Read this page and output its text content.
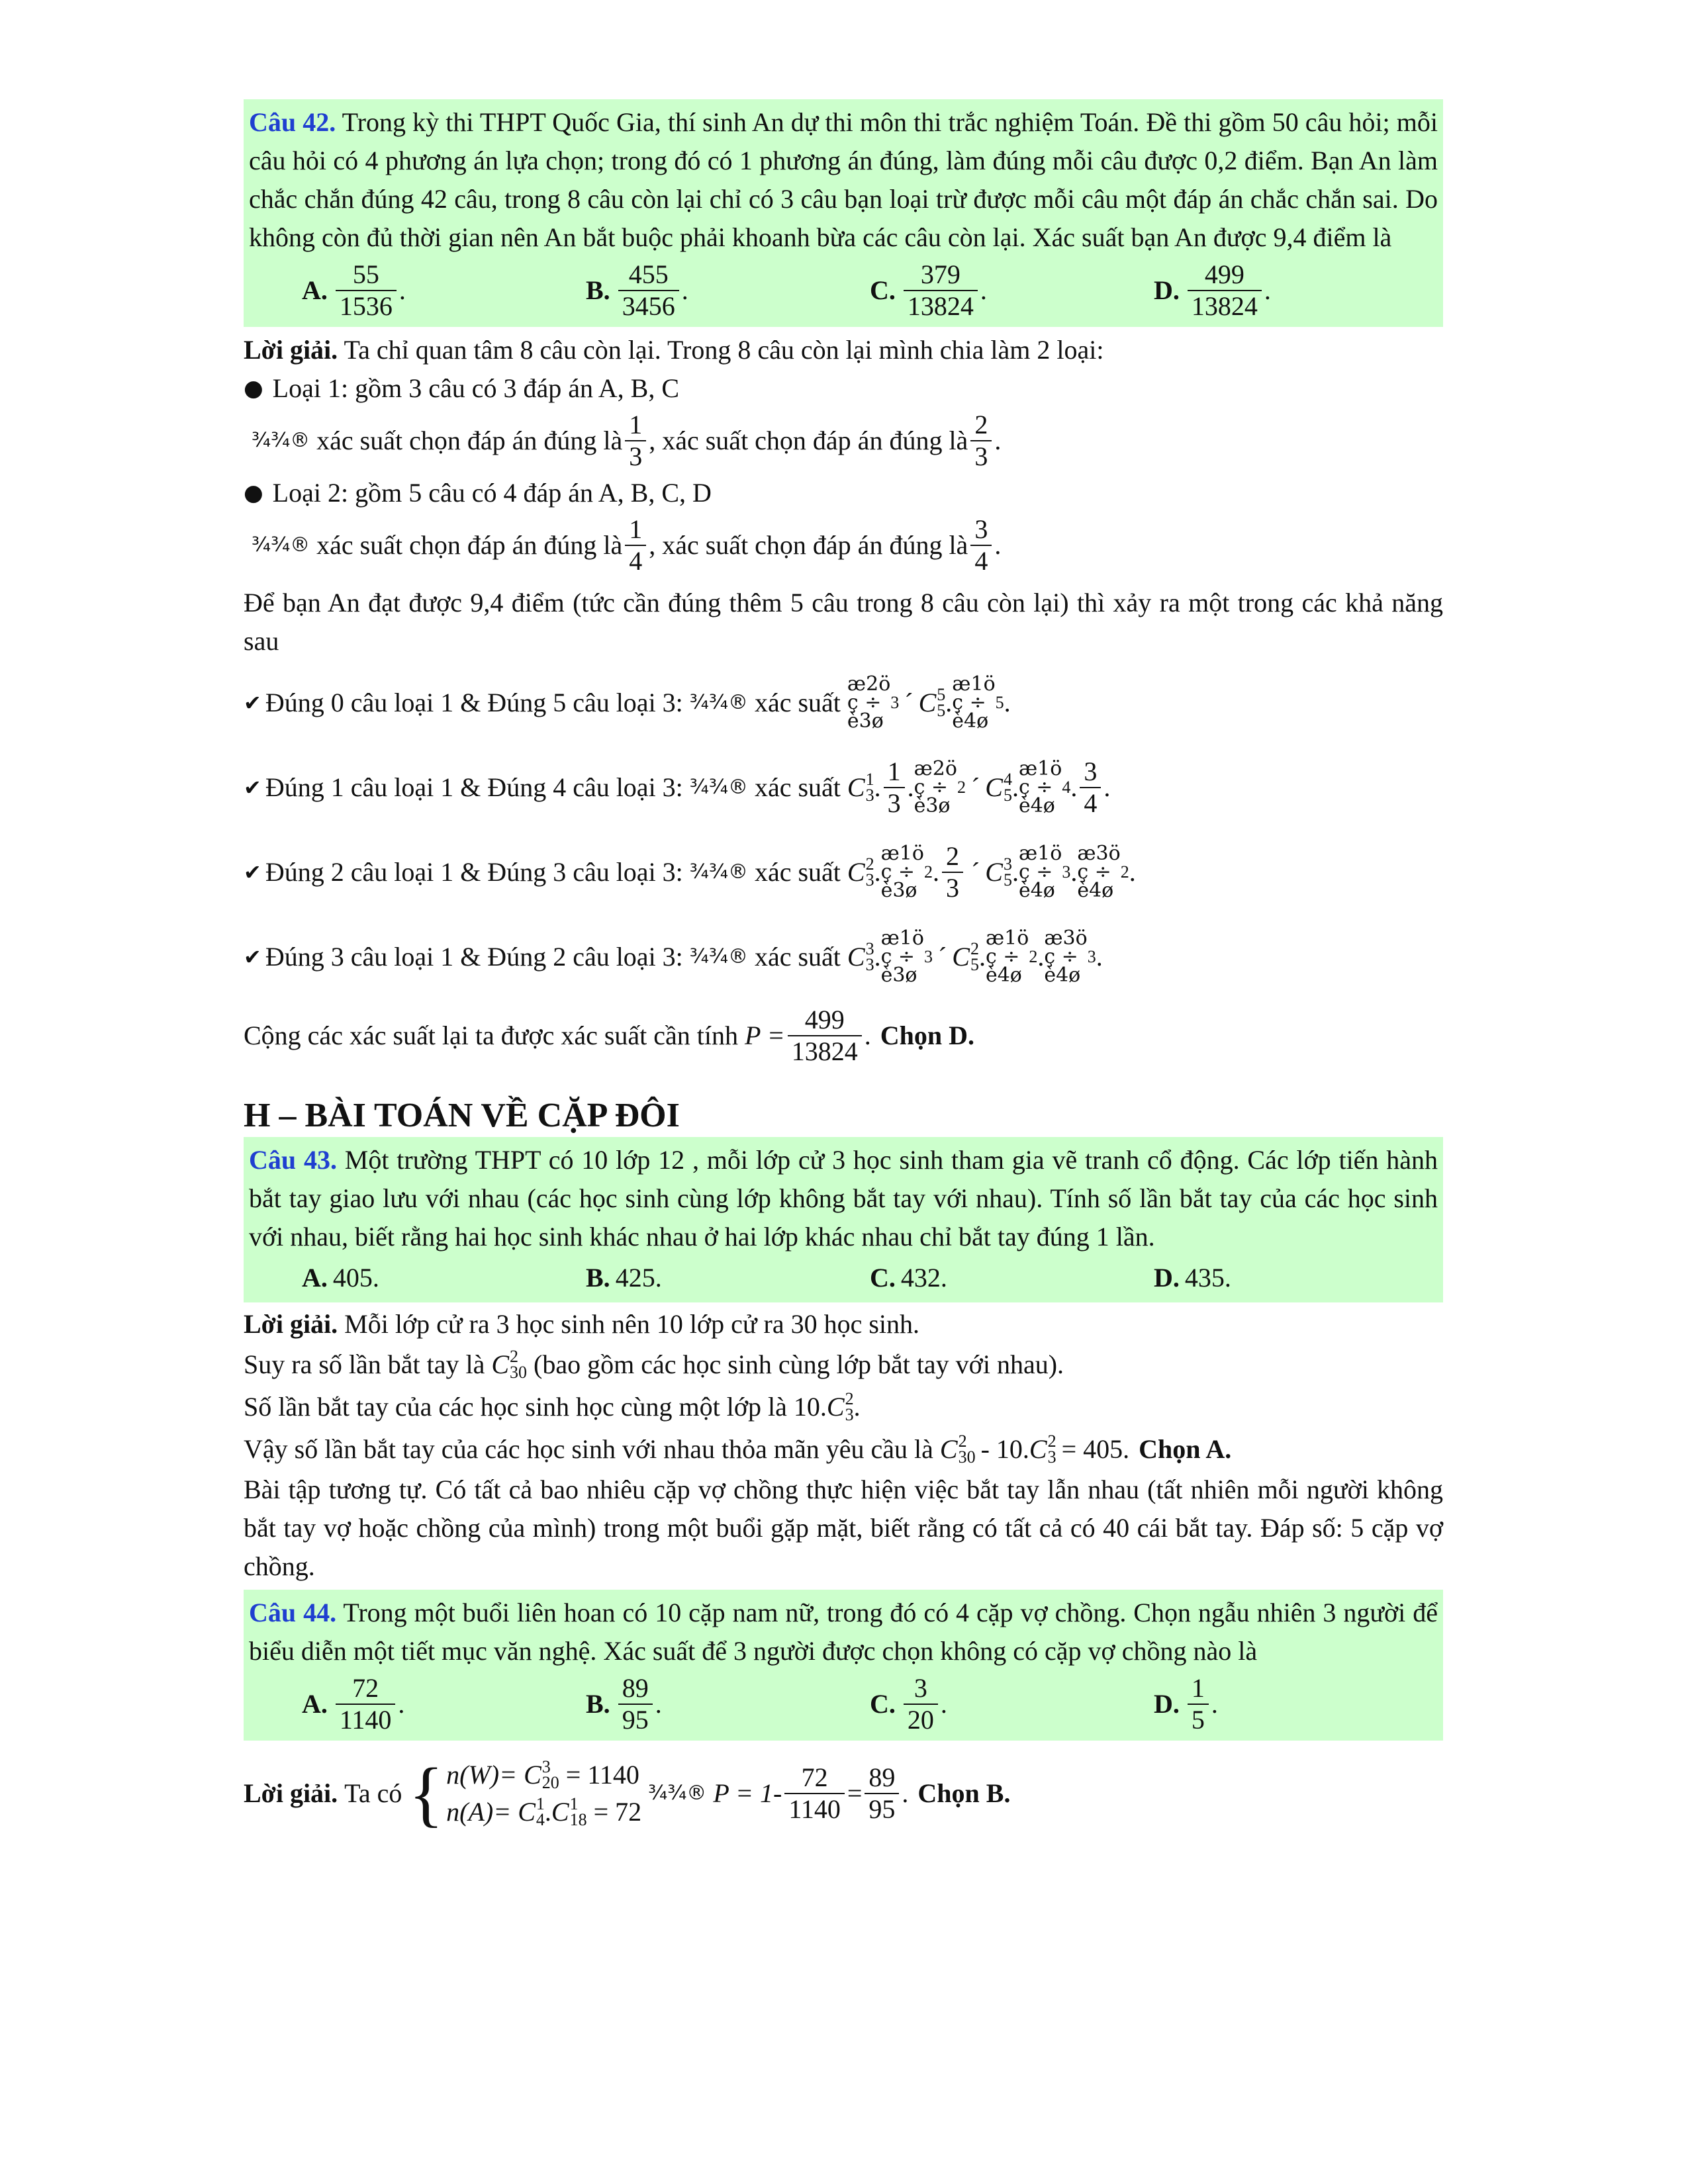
Câu 42. Trong kỳ thi THPT Quốc Gia, thí sinh An dự thi môn thi trắc nghiệm Toán. Đề thi gồm 50 câu hỏi; mỗi câu hỏi có 4 phương án lựa chọn; trong đó có 1 phương án đúng, làm đúng mỗi câu được 0,2 điểm. Bạn An làm chắc chắn đúng 42 câu, trong 8 câu còn lại chỉ có 3 câu bạn loại trừ được mỗi câu một đáp án chắc chắn sai. Do không còn đủ thời gian nên An bắt buộc phải khoanh bừa các câu còn lại. Xác suất bạn An được 9,4 điểm là
A. $\frac{55}{1536}$ .	B. $\frac{455}{3456}$ .	C. $\frac{379}{13824}$ .	D. $\frac{499}{13824}$ .
Lời giải. Ta chỉ quan tâm 8 câu còn lại. Trong 8 câu còn lại mình chia làm 2 loại:
● Loại 1: gồm 3 câu có 3 đáp án A, B, C
¾¾® xác suất chọn đáp án đúng là $\frac{1}{3}$ ,
xác suất chọn đáp án đúng là $\frac{2}{3}$ .
● Loại 2: gồm 5 câu có 4 đáp án A, B, C, D
¾¾® xác suất chọn đáp án đúng là $\frac{1}{4}$ ,
xác suất chọn đáp án đúng là $\frac{3}{4}$ .
Để bạn An đạt được 9,4 điểm (tức cần đúng thêm 5 câu trong 8 câu còn lại) thì xảy ra một trong các khả năng sau
✔ Đúng 0 câu loại 1 & Đúng 5 câu loại 3: ¾¾® xác suất
æ2ö
ç ÷
è3ø
3 ´ C 5
5 .
æ1ö
ç ÷
è4ø
5 .
✔ Đúng 1 câu loại 1 & Đúng 4 câu loại 3: ¾¾® xác suất C 1
3 . $\frac{1}{3}$ .
æ2ö
ç ÷
è3ø
2 ´ C 4
5 .
æ1ö
ç ÷
è4ø
4 . $\frac{3}{4}$ .
✔ Đúng 2 câu loại 1 & Đúng 3 câu loại 3: ¾¾® xác suất C 2
3 .
æ1ö
ç ÷
è3ø
2 . $\frac{2}{3}$ ´ C 3
5 .
æ1ö
ç ÷
è4ø
3 .
æ3ö
ç ÷
è4ø
2 .
✔ Đúng 3 câu loại 1 & Đúng 2 câu loại 3: ¾¾® xác suất C 3
3 .
æ1ö
ç ÷
è3ø
3 ´ C 2
5 .
æ1ö
ç ÷
è4ø
2 .
æ3ö
ç ÷
è4ø
3 .
Cộng các xác suất lại ta được xác suất cần tính $P = \frac{499}{13824}$ . Chọn D.
H – BÀI TOÁN VỀ CẶP ĐÔI
Câu 43. Một trường THPT có 10 lớp 12 , mỗi lớp cử 3 học sinh tham gia vẽ tranh cổ động. Các lớp tiến hành bắt tay giao lưu với nhau (các học sinh cùng lớp không bắt tay với nhau). Tính số lần bắt tay của các học sinh với nhau, biết rằng hai học sinh khác nhau ở hai lớp khác nhau chỉ bắt tay đúng 1 lần.
A. 405.	B. 425.	C. 432.	D. 435.
Lời giải. Mỗi lớp cử ra 3 học sinh nên 10 lớp cử ra 30 học sinh.
Suy ra số lần bắt tay là C 2
30 (bao gồm các học sinh cùng lớp bắt tay với nhau).
Số lần bắt tay của các học sinh học cùng một lớp là 10. C 2
3 .
Vậy số lần bắt tay của các học sinh với nhau thỏa mãn yêu cầu là C 2
30 - 10. C 2
3 = 405. Chọn A.
Bài tập tương tự. Có tất cả bao nhiêu cặp vợ chồng thực hiện việc bắt tay lẫn nhau (tất nhiên mỗi người không bắt tay vợ hoặc chồng của mình) trong một buổi gặp mặt, biết rằng có tất cả có 40 cái bắt tay. Đáp số: 5 cặp vợ chồng.
Câu 44. Trong một buổi liên hoan có 10 cặp nam nữ, trong đó có 4 cặp vợ chồng. Chọn ngẫu nhiên 3 người để biểu diễn một tiết mục văn nghệ. Xác suất để 3 người được chọn không có cặp vợ chồng nào là
A. $\frac{72}{1140}$ .	B. $\frac{89}{95}$ .	C. $\frac{3}{20}$ .	D. $\frac{1}{5}$ .
Lời giải. Ta có { n(W)=
C 3
20
= 1140
n(A)=
C 1
4 . C 1
18
= 72
¾¾® $P = 1- \frac{72}{1140} = \frac{89}{95}$ . Chọn B.
